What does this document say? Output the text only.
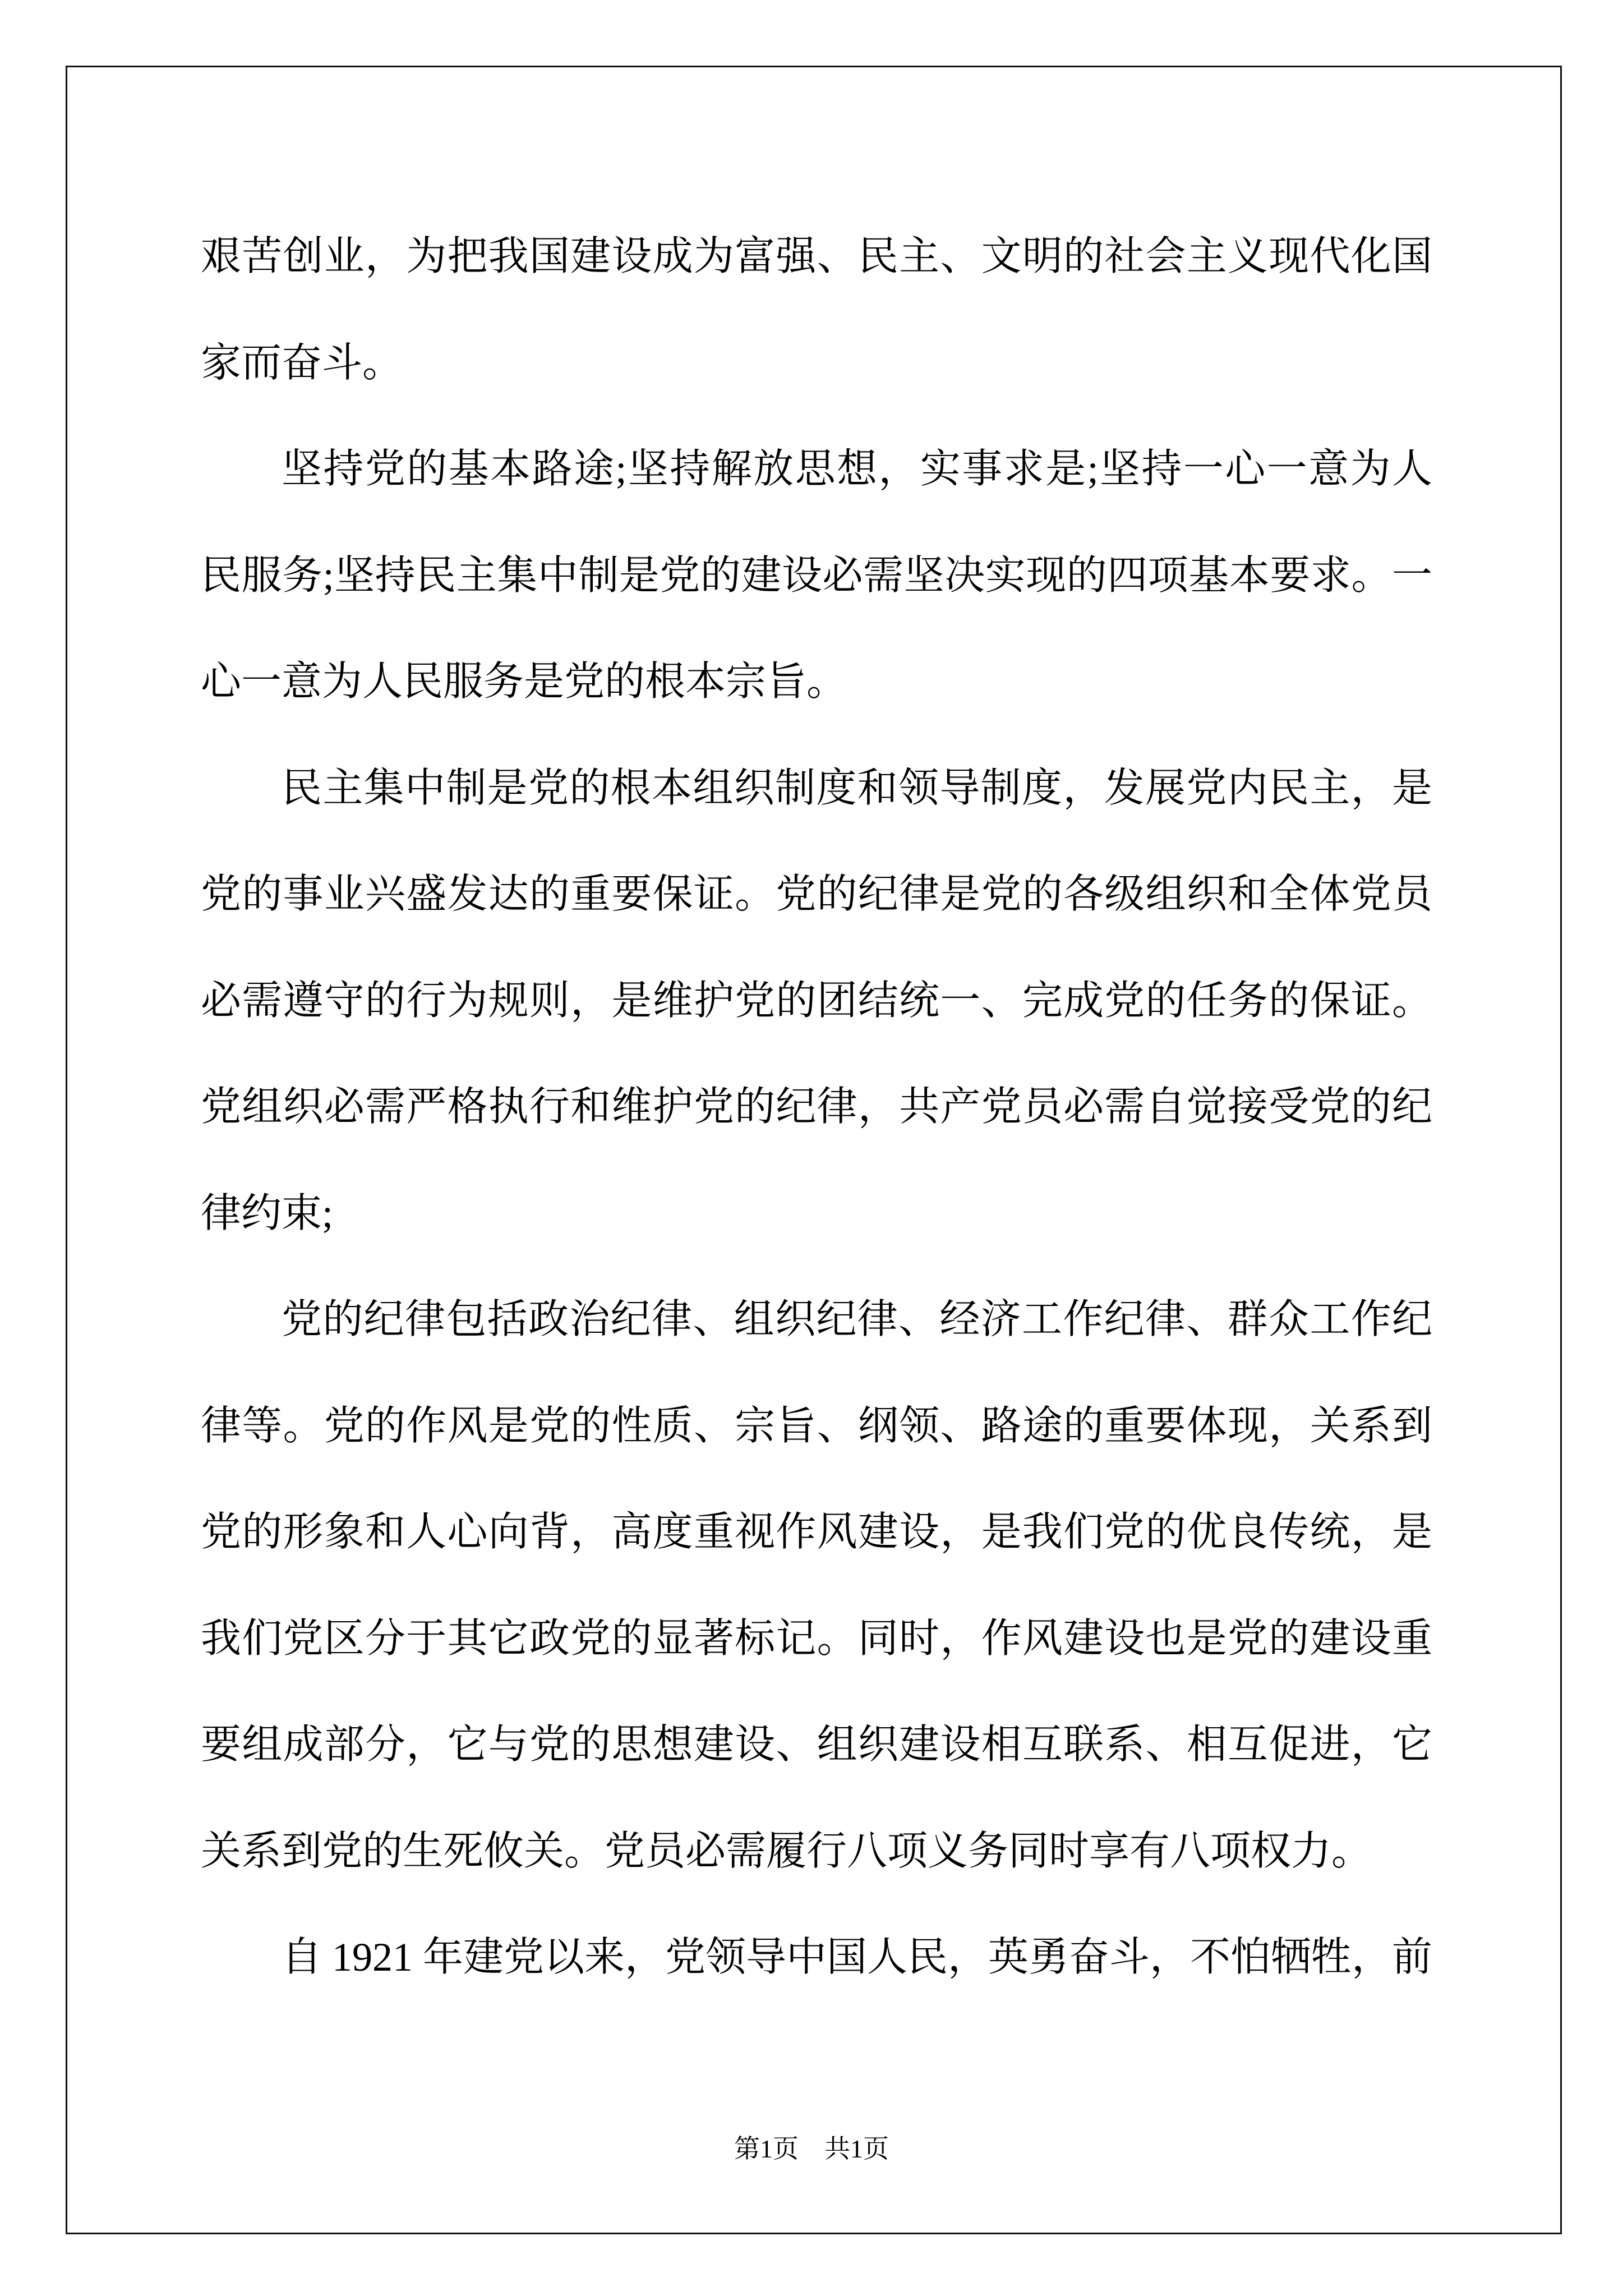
艰苦创业，为把我国建设成为富强、民主、文明的社会主义现代化国
家而奋斗。
坚持党的基本路途;坚持解放思想，实事求是;坚持一心一意为人
民服务;坚持民主集中制是党的建设必需坚决实现的四项基本要求。一
心一意为人民服务是党的根本宗旨。
民主集中制是党的根本组织制度和领导制度，发展党内民主，是
党的事业兴盛发达的重要保证。党的纪律是党的各级组织和全体党员
必需遵守的行为规则，是维护党的团结统一、完成党的任务的保证。
党组织必需严格执行和维护党的纪律，共产党员必需自觉接受党的纪
律约束;
党的纪律包括政治纪律、组织纪律、经济工作纪律、群众工作纪
律等。党的作风是党的性质、宗旨、纲领、路途的重要体现，关系到
党的形象和人心向背，高度重视作风建设，是我们党的优良传统，是
我们党区分于其它政党的显著标记。同时，作风建设也是党的建设重
要组成部分，它与党的思想建设、组织建设相互联系、相互促进，它
关系到党的生死攸关。党员必需履行八项义务同时享有八项权力。
自 1921 年建党以来，党领导中国人民，英勇奋斗，不怕牺牲，前
第1页　共1页
